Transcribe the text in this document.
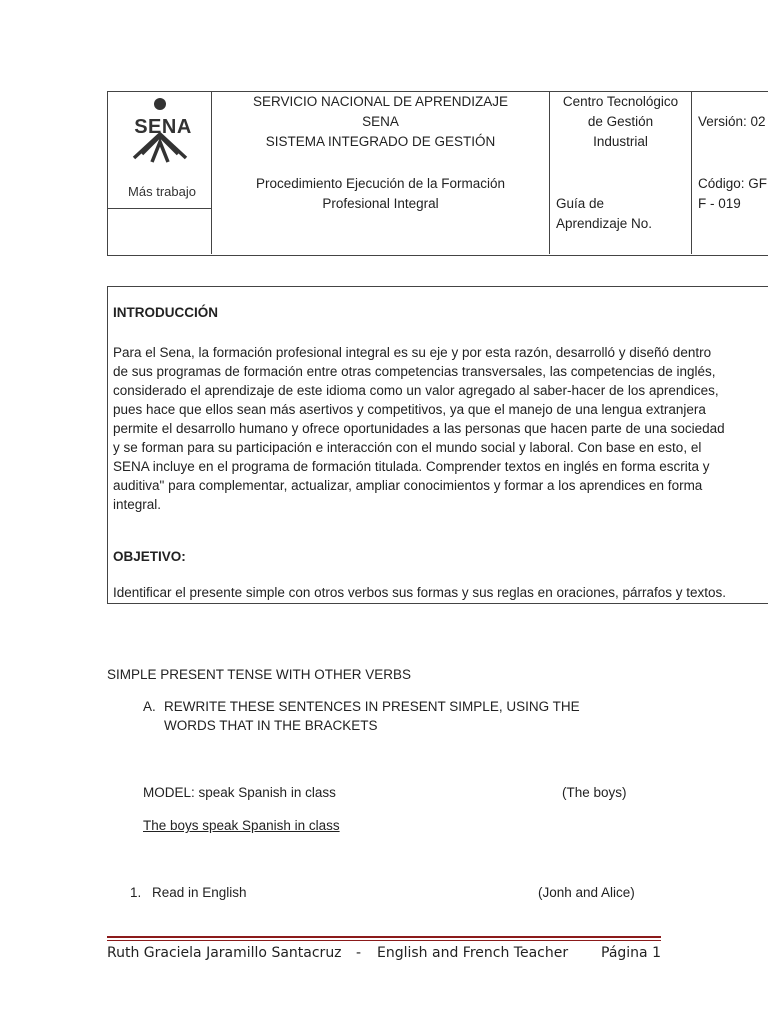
SENA
Más trabajo
SERVICIO NACIONAL DE APRENDIZAJE
SENA
SISTEMA INTEGRADO DE GESTIÓN
Procedimiento Ejecución de la Formación
Profesional Integral
Centro Tecnológico
de Gestión
Industrial
Guía de
Aprendizaje No.
Versión: 02
Código: GF
F - 019
INTRODUCCIÓN
Para el Sena, la formación profesional integral es su eje y por esta razón, desarrolló y diseñó dentro
de sus programas de formación entre otras competencias transversales, las competencias de inglés,
considerado el aprendizaje de este idioma como un valor agregado al saber-hacer de los aprendices,
pues hace que ellos sean más asertivos y competitivos, ya que el manejo de una lengua extranjera
permite el desarrollo humano y ofrece oportunidades a las personas que hacen parte de una sociedad
y se forman para su participación e interacción con el mundo social y laboral. Con base en esto, el
SENA incluye en el programa de formación titulada. Comprender textos en inglés en forma escrita y
auditiva" para complementar, actualizar, ampliar conocimientos y formar a los aprendices en forma
integral.
OBJETIVO:
Identificar el presente simple con otros verbos sus formas y sus reglas en oraciones, párrafos y textos.
SIMPLE PRESENT TENSE WITH OTHER VERBS
A. REWRITE THESE SENTENCES IN PRESENT SIMPLE, USING THE
WORDS THAT IN THE BRACKETS
MODEL: speak Spanish in class	(The boys)
The boys speak Spanish in class
1. Read in English	(Jonh and Alice)
Ruth Graciela Jaramillo Santacruz - English and French Teacher Página 1
